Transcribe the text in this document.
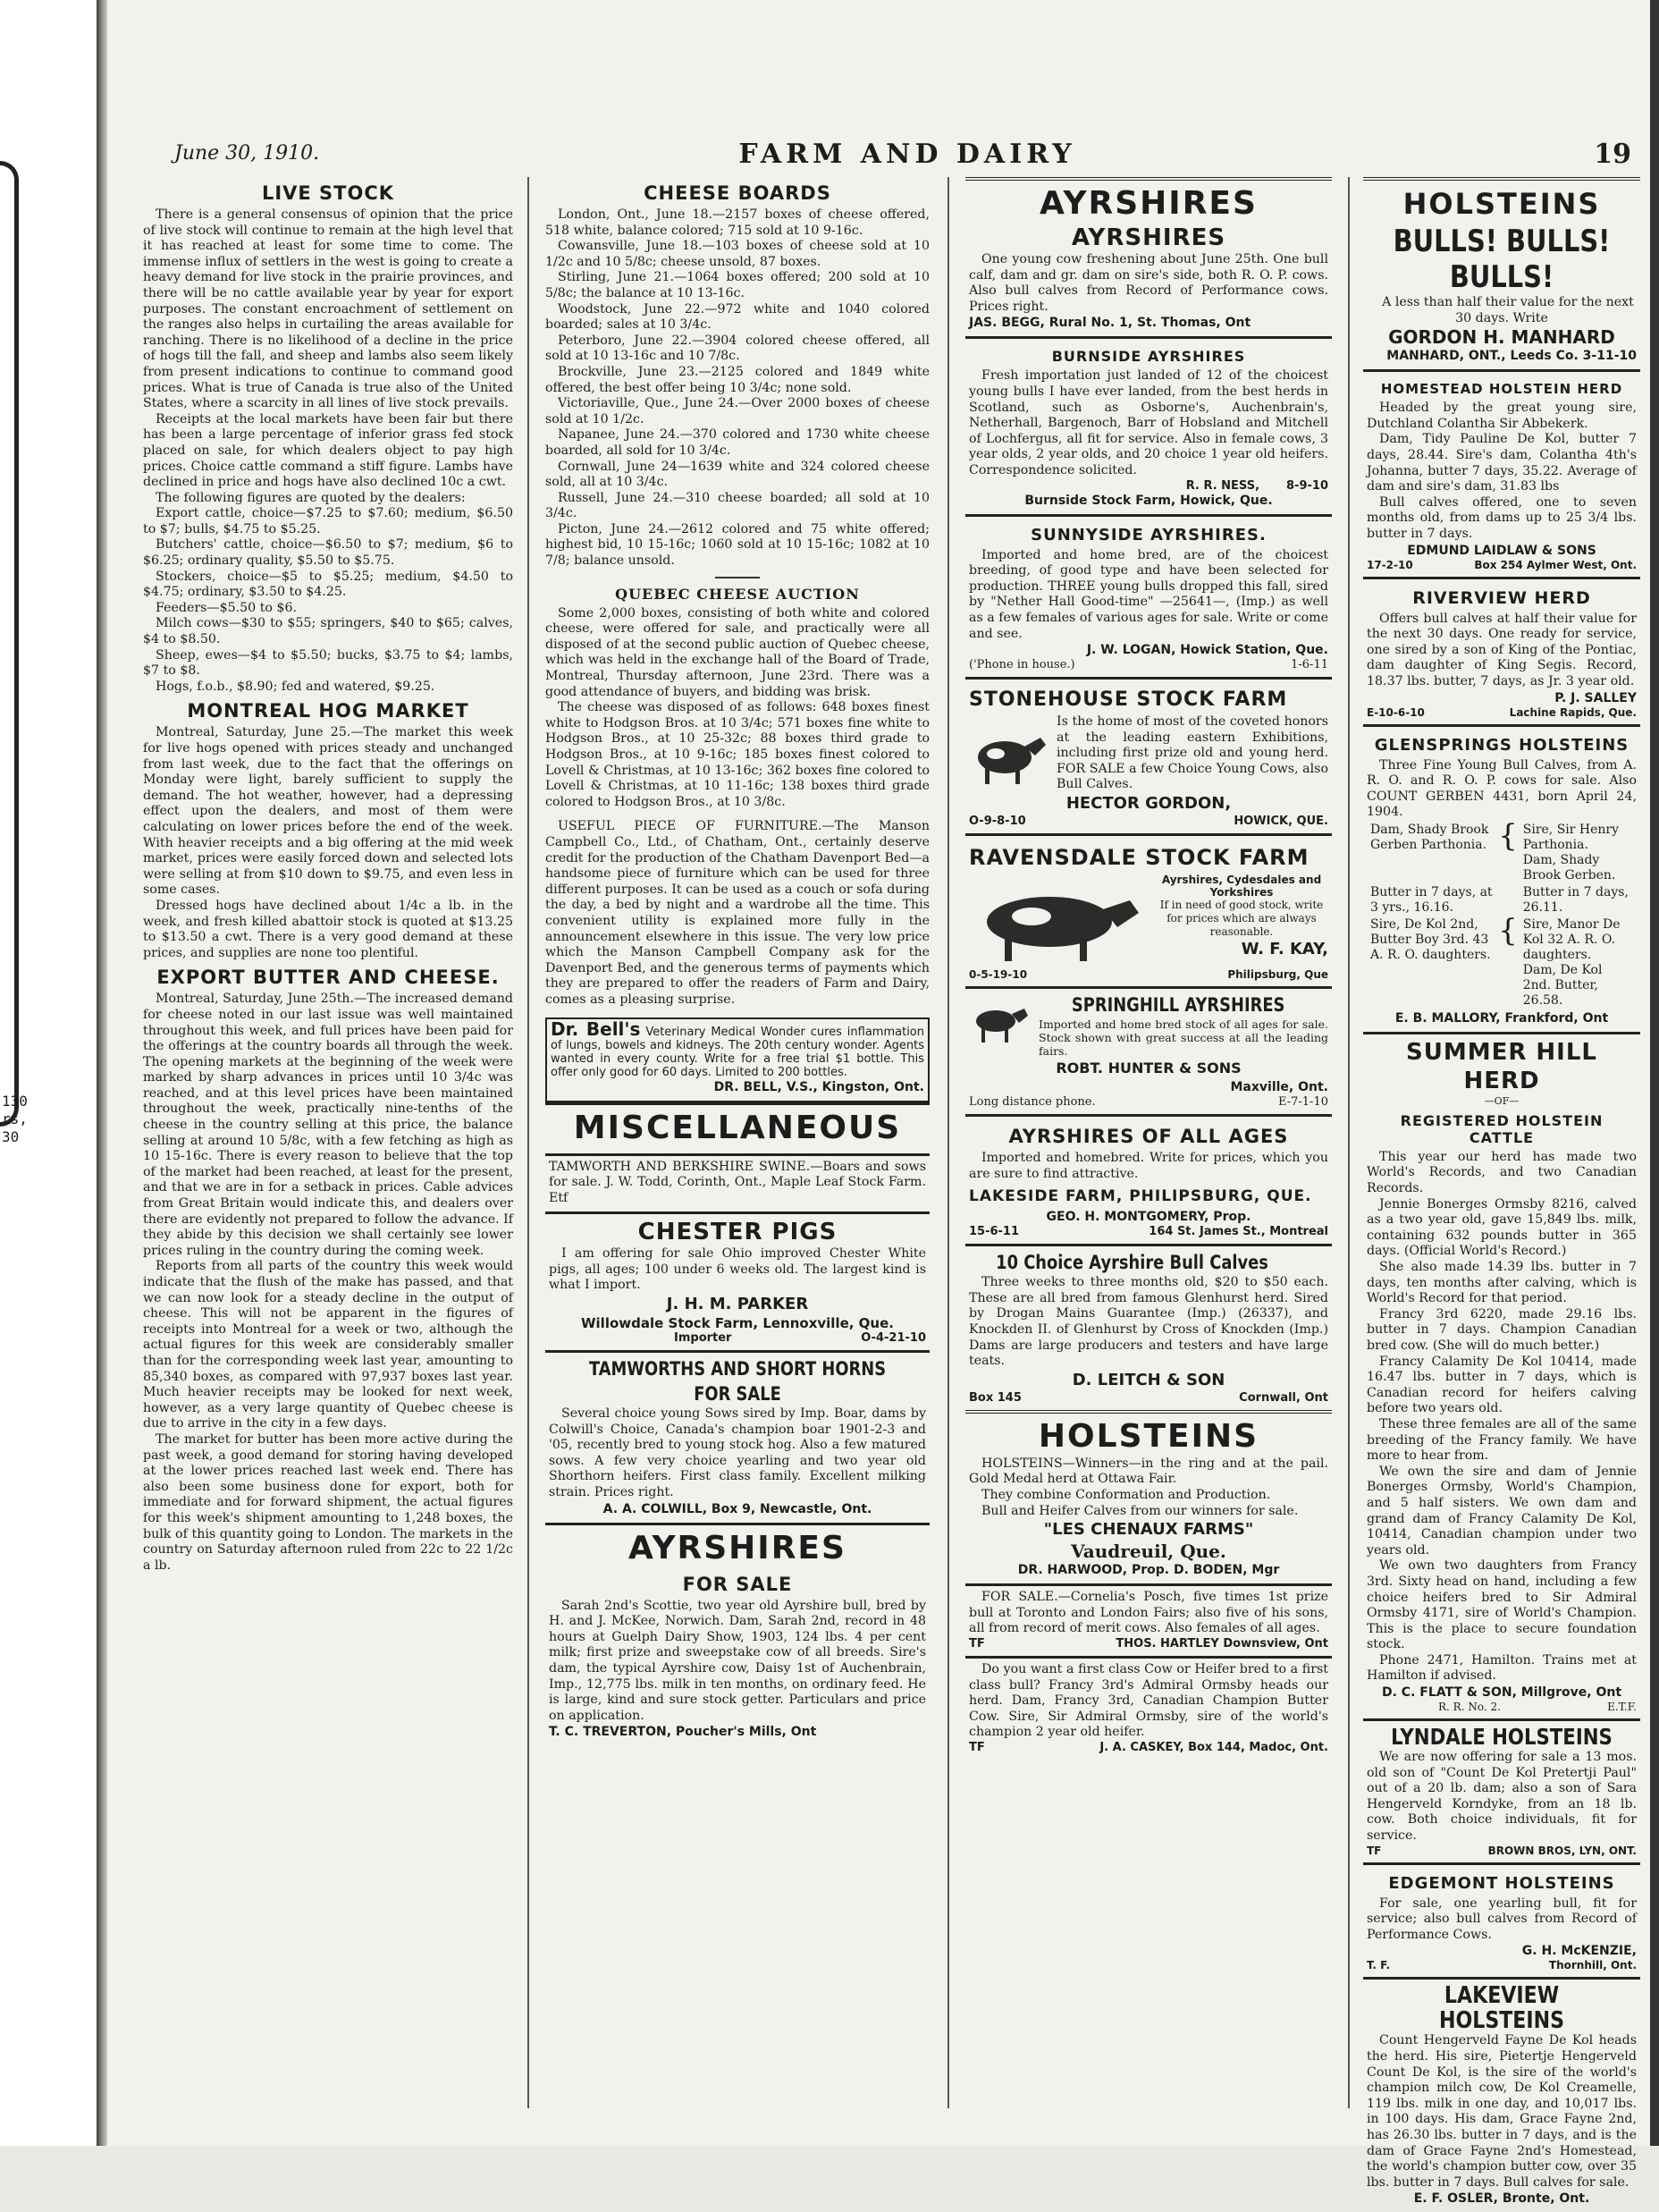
130
rs,
30
FARM AND DAIRY
June 30, 1910.	19
LIVE STOCK

There is a general consensus of opinion that the price of live stock will continue to remain at the high level that it has reached at least for some time to come. The immense influx of settlers in the west is going to create a heavy demand for live stock in the prairie provinces, and there will be no cattle available year by year for export purposes. The constant encroachment of settlement on the ranges also helps in curtailing the areas available for ranching. There is no likelihood of a decline in the price of hogs till the fall, and sheep and lambs also seem likely from present indications to continue to command good prices. What is true of Canada is true also of the United States, where a scarcity in all lines of live stock prevails.

Receipts at the local markets have been fair but there has been a large percentage of inferior grass fed stock placed on sale, for which dealers object to pay high prices. Choice cattle command a stiff figure. Lambs have declined in price and hogs have also declined 10c a cwt.

The following figures are quoted by the dealers:

Export cattle, choice—$7.25 to $7.60; medium, $6.50 to $7; bulls, $4.75 to $5.25.

Butchers' cattle, choice—$6.50 to $7; medium, $6 to $6.25; ordinary quality, $5.50 to $5.75.

Stockers, choice—$5 to $5.25; medium, $4.50 to $4.75; ordinary, $3.50 to $4.25.

Feeders—$5.50 to $6.

Milch cows—$30 to $55; springers, $40 to $65; calves, $4 to $8.50.

Sheep, ewes—$4 to $5.50; bucks, $3.75 to $4; lambs, $7 to $8.

Hogs, f.o.b., $8.90; fed and watered, $9.25.

MONTREAL HOG MARKET

Montreal, Saturday, June 25.—The market this week for live hogs opened with prices steady and unchanged from last week, due to the fact that the offerings on Monday were light, barely sufficient to supply the demand. The hot weather, however, had a depressing effect upon the dealers, and most of them were calculating on lower prices before the end of the week. With heavier receipts and a big offering at the mid week market, prices were easily forced down and selected lots were selling at from $10 down to $9.75, and even less in some cases.

Dressed hogs have declined about 1/4c a lb. in the week, and fresh killed abattoir stock is quoted at $13.25 to $13.50 a cwt. There is a very good demand at these prices, and supplies are none too plentiful.

EXPORT BUTTER AND CHEESE.

Montreal, Saturday, June 25th.—The increased demand for cheese noted in our last issue was well maintained throughout this week, and full prices have been paid for the offerings at the country boards all through the week. The opening markets at the beginning of the week were marked by sharp advances in prices until 10 3/4c was reached, and at this level prices have been maintained throughout the week, practically nine-tenths of the cheese in the country selling at this price, the balance selling at around 10 5/8c, with a few fetching as high as 10 15-16c. There is every reason to believe that the top of the market had been reached, at least for the present, and that we are in for a setback in prices. Cable advices from Great Britain would indicate this, and dealers over there are evidently not prepared to follow the advance. If they abide by this decision we shall certainly see lower prices ruling in the country during the coming week.

Reports from all parts of the country this week would indicate that the flush of the make has passed, and that we can now look for a steady decline in the output of cheese. This will not be apparent in the figures of receipts into Montreal for a week or two, although the actual figures for this week are considerably smaller than for the corresponding week last year, amounting to 85,340 boxes, as compared with 97,937 boxes last year. Much heavier receipts may be looked for next week, however, as a very large quantity of Quebec cheese is due to arrive in the city in a few days.

The market for butter has been more active during the past week, a good demand for storing having developed at the lower prices reached last week end. There has also been some business done for export, both for immediate and for forward shipment, the actual figures for this week's shipment amounting to 1,248 boxes, the bulk of this quantity going to London. The markets in the country on Saturday afternoon ruled from 22c to 22 1/2c a lb.

CHEESE BOARDS

London, Ont., June 18.—2157 boxes of cheese offered, 518 white, balance colored; 715 sold at 10 9-16c.

Cowansville, June 18.—103 boxes of cheese sold at 10 1/2c and 10 5/8c; cheese unsold, 87 boxes.

Stirling, June 21.—1064 boxes offered; 200 sold at 10 5/8c; the balance at 10 13-16c.

Woodstock, June 22.—972 white and 1040 colored boarded; sales at 10 3/4c.

Peterboro, June 22.—3904 colored cheese offered, all sold at 10 13-16c and 10 7/8c.

Brockville, June 23.—2125 colored and 1849 white offered, the best offer being 10 3/4c; none sold.

Victoriaville, Que., June 24.—Over 2000 boxes of cheese sold at 10 1/2c.

Napanee, June 24.—370 colored and 1730 white cheese boarded, all sold for 10 3/4c.

Cornwall, June 24—1639 white and 324 colored cheese sold, all at 10 3/4c.

Russell, June 24.—310 cheese boarded; all sold at 10 3/4c.

Picton, June 24.—2612 colored and 75 white offered; highest bid, 10 15-16c; 1060 sold at 10 15-16c; 1082 at 10 7/8; balance unsold.

QUEBEC CHEESE AUCTION

Some 2,000 boxes, consisting of both white and colored cheese, were offered for sale, and practically were all disposed of at the second public auction of Quebec cheese, which was held in the exchange hall of the Board of Trade, Montreal, Thursday afternoon, June 23rd. There was a good attendance of buyers, and bidding was brisk.

The cheese was disposed of as follows: 648 boxes finest white to Hodgson Bros. at 10 3/4c; 571 boxes fine white to Hodgson Bros., at 10 25-32c; 88 boxes third grade to Hodgson Bros., at 10 9-16c; 185 boxes finest colored to Lovell & Christmas, at 10 13-16c; 362 boxes fine colored to Lovell & Christmas, at 10 11-16c; 138 boxes third grade colored to Hodgson Bros., at 10 3/8c.

USEFUL PIECE OF FURNITURE.—The Manson Campbell Co., Ltd., of Chatham, Ont., certainly deserve credit for the production of the Chatham Davenport Bed—a handsome piece of furniture which can be used for three different purposes. It can be used as a couch or sofa during the day, a bed by night and a wardrobe all the time. This convenient utility is explained more fully in the announcement elsewhere in this issue. The very low price which the Manson Campbell Company ask for the Davenport Bed, and the generous terms of payments which they are prepared to offer the readers of Farm and Dairy, comes as a pleasing surprise.

Dr. Bell's Veterinary Medical Wonder cures inflammation of lungs, bowels and kidneys. The 20th century wonder. Agents wanted in every county. Write for a free trial $1 bottle. This offer only good for 60 days. Limited to 200 bottles.

DR. BELL, V.S., Kingston, Ont.
MISCELLANEOUS

TAMWORTH AND BERKSHIRE SWINE.—Boars and sows for sale. J. W. Todd, Corinth, Ont., Maple Leaf Stock Farm. Etf

CHESTER PIGS

I am offering for sale Ohio improved Chester White pigs, all ages; 100 under 6 weeks old. The largest kind is what I import.

J. H. M. PARKER
Willowdale Stock Farm, Lennoxville, Que.
Importer	O-4-21-10
TAMWORTHS AND SHORT HORNS FOR SALE

Several choice young Sows sired by Imp. Boar, dams by Colwill's Choice, Canada's champion boar 1901-2-3 and '05, recently bred to young stock hog. Also a few matured sows. A few very choice yearling and two year old Shorthorn heifers. First class family. Excellent milking strain. Prices right.

A. A. COLWILL, Box 9, Newcastle, Ont.
AYRSHIRES
FOR SALE

Sarah 2nd's Scottie, two year old Ayrshire bull, bred by H. and J. McKee, Norwich. Dam, Sarah 2nd, record in 48 hours at Guelph Dairy Show, 1903, 124 lbs. 4 per cent milk; first prize and sweepstake cow of all breeds. Sire's dam, the typical Ayrshire cow, Daisy 1st of Auchenbrain, Imp., 12,775 lbs. milk in ten months, on ordinary feed. He is large, kind and sure stock getter. Particulars and price on application.

T. C. TREVERTON, Poucher's Mills, Ont
AYRSHIRES
AYRSHIRES

One young cow freshening about June 25th. One bull calf, dam and gr. dam on sire's side, both R. O. P. cows. Also bull calves from Record of Performance cows. Prices right.

JAS. BEGG, Rural No. 1, St. Thomas, Ont
BURNSIDE AYRSHIRES

Fresh importation just landed of 12 of the choicest young bulls I have ever landed, from the best herds in Scotland, such as Osborne's, Auchenbrain's, Netherhall, Bargenoch, Barr of Hobsland and Mitchell of Lochfergus, all fit for service. Also in female cows, 3 year olds, 2 year olds, and 20 choice 1 year old heifers. Correspondence solicited.

R. R. NESS, 8-9-10
Burnside Stock Farm, Howick, Que.
SUNNYSIDE AYRSHIRES.

Imported and home bred, are of the choicest breeding, of good type and have been selected for production. THREE young bulls dropped this fall, sired by "Nether Hall Good-time" —25641—, (Imp.) as well as a few females of various ages for sale. Write or come and see.

J. W. LOGAN, Howick Station, Que.
('Phone in house.)	1-6-11
STONEHOUSE STOCK FARM

Is the home of most of the coveted honors at the leading eastern Exhibitions, including first prize old and young herd. FOR SALE a few Choice Young Cows, also Bull Calves.

HECTOR GORDON,
O-9-8-10	HOWICK, QUE.
RAVENSDALE STOCK FARM
Ayrshires, Cydesdales and Yorkshires

If in need of good stock, write for prices which are always reasonable.

W. F. KAY,
0-5-19-10	Philipsburg, Que
SPRINGHILL AYRSHIRES

Imported and home bred stock of all ages for sale. Stock shown with great success at all the leading fairs.

ROBT. HUNTER & SONS
Maxville, Ont.
Long distance phone.	E-7-1-10
AYRSHIRES OF ALL AGES

Imported and homebred. Write for prices, which you are sure to find attractive.

LAKESIDE FARM, PHILIPSBURG, QUE.
GEO. H. MONTGOMERY, Prop.
15-6-11	164 St. James St., Montreal
10 Choice Ayrshire Bull Calves

Three weeks to three months old, $20 to $50 each. These are all bred from famous Glenhurst herd. Sired by Drogan Mains Guarantee (Imp.) (26337), and Knockden II. of Glenhurst by Cross of Knockden (Imp.) Dams are large producers and testers and have large teats.

D. LEITCH & SON
Box 145	Cornwall, Ont
HOLSTEINS

HOLSTEINS—Winners—in the ring and at the pail. Gold Medal herd at Ottawa Fair.

They combine Conformation and Production.

Bull and Heifer Calves from our winners for sale.

"LES CHENAUX FARMS"
Vaudreuil, Que.
DR. HARWOOD, Prop. D. BODEN, Mgr

FOR SALE.—Cornelia's Posch, five times 1st prize bull at Toronto and London Fairs; also five of his sons, all from record of merit cows. Also females of all ages.

TF	THOS. HARTLEY Downsview, Ont

Do you want a first class Cow or Heifer bred to a first class bull? Francy 3rd's Admiral Ormsby heads our herd. Dam, Francy 3rd, Canadian Champion Butter Cow. Sire, Sir Admiral Ormsby, sire of the world's champion 2 year old heifer.

TF	J. A. CASKEY, Box 144, Madoc, Ont.
HOLSTEINS
BULLS! BULLS! BULLS!

A less than half their value for the next 30 days. Write

GORDON H. MANHARD
MANHARD, ONT., Leeds Co. 3-11-10
HOMESTEAD HOLSTEIN HERD

Headed by the great young sire, Dutchland Colantha Sir Abbekerk.

Dam, Tidy Pauline De Kol, butter 7 days, 28.44. Sire's dam, Colantha 4th's Johanna, butter 7 days, 35.22. Average of dam and sire's dam, 31.83 lbs

Bull calves offered, one to seven months old, from dams up to 25 3/4 lbs. butter in 7 days.

EDMUND LAIDLAW & SONS
17-2-10	Box 254 Aylmer West, Ont.
RIVERVIEW HERD

Offers bull calves at half their value for the next 30 days. One ready for service, one sired by a son of King of the Pontiac, dam daughter of King Segis. Record, 18.37 lbs. butter, 7 days, as Jr. 3 year old.

P. J. SALLEY
E-10-6-10	Lachine Rapids, Que.
GLENSPRINGS HOLSTEINS

Three Fine Young Bull Calves, from A. R. O. and R. O. P. cows for sale. Also COUNT GERBEN 4431, born April 24, 1904.

Dam, Shady Brook Gerben Parthonia.	{	Sire, Sir Henry Parthonia.
Dam, Shady Brook Gerben.

Butter in 7 days, at 3 yrs., 16.16.		Butter in 7 days, 26.11.
Sire, De Kol 2nd, Butter Boy 3rd. 43 A. R. O. daughters.	{	Sire, Manor De Kol 32 A. R. O. daughters.
Dam, De Kol 2nd. Butter, 26.58.
E. B. MALLORY, Frankford, Ont
SUMMER HILL HERD
—OF—
REGISTERED HOLSTEIN CATTLE

This year our herd has made two World's Records, and two Canadian Records.

Jennie Bonerges Ormsby 8216, calved as a two year old, gave 15,849 lbs. milk, containing 632 pounds butter in 365 days. (Official World's Record.)

She also made 14.39 lbs. butter in 7 days, ten months after calving, which is World's Record for that period.

Francy 3rd 6220, made 29.16 lbs. butter in 7 days. Champion Canadian bred cow. (She will do much better.)

Francy Calamity De Kol 10414, made 16.47 lbs. butter in 7 days, which is Canadian record for heifers calving before two years old.

These three females are all of the same breeding of the Francy family. We have more to hear from.

We own the sire and dam of Jennie Bonerges Ormsby, World's Champion, and 5 half sisters. We own dam and grand dam of Francy Calamity De Kol, 10414, Canadian champion under two years old.

We own two daughters from Francy 3rd. Sixty head on hand, including a few choice heifers bred to Sir Admiral Ormsby 4171, sire of World's Champion. This is the place to secure foundation stock.

Phone 2471, Hamilton. Trains met at Hamilton if advised.

D. C. FLATT & SON, Millgrove, Ont
R. R. No. 2.	E.T.F.
LYNDALE HOLSTEINS

We are now offering for sale a 13 mos. old son of "Count De Kol Pretertji Paul" out of a 20 lb. dam; also a son of Sara Hengerveld Korndyke, from an 18 lb. cow. Both choice individuals, fit for service.

TF	BROWN BROS, LYN, ONT.
EDGEMONT HOLSTEINS

For sale, one yearling bull, fit for service; also bull calves from Record of Performance Cows.

G. H. McKENZIE,
T. F.	Thornhill, Ont.
LAKEVIEW HOLSTEINS

Count Hengerveld Fayne De Kol heads the herd. His sire, Pietertje Hengerveld Count De Kol, is the sire of the world's champion milch cow, De Kol Creamelle, 119 lbs. milk in one day, and 10,017 lbs. in 100 days. His dam, Grace Fayne 2nd, has 26.30 lbs. butter in 7 days, and is the dam of Grace Fayne 2nd's Homestead, the world's champion butter cow, over 35 lbs. butter in 7 days. Bull calves for sale.

E. F. OSLER, Bronte, Ont.
